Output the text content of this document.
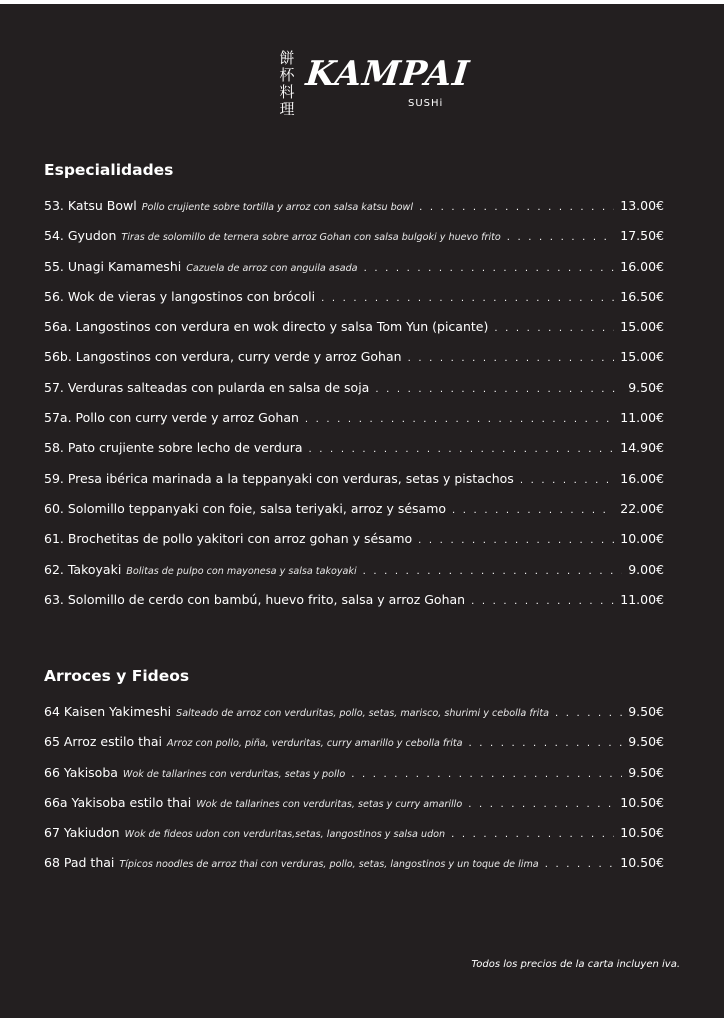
餅
杯
料
理
KAMPAI
SUSHi
Especialidades
53. Katsu Bowl Pollo crujiente sobre tortilla y arroz con salsa katsu bowl . . .	13.00€
54. Gyudon Tiras de solomillo de ternera sobre arroz Gohan con salsa bulgoki y huevo frito . . .	17.50€
55. Unagi Kamameshi Cazuela de arroz con anguila asada . . .	16.00€
56. Wok de vieras y langostinos con brócoli . . .	16.50€
56a. Langostinos con verdura en wok directo y salsa Tom Yun (picante) . . .	15.00€
56b. Langostinos con verdura, curry verde y arroz Gohan . . .	15.00€
57. Verduras salteadas con pularda en salsa de soja . . .	9.50€
57a. Pollo con curry verde y arroz Gohan . . .	11.00€
58. Pato crujiente sobre lecho de verdura . . .	14.90€
59. Presa ibérica marinada a la teppanyaki con verduras, setas y pistachos . . .	16.00€
60. Solomillo teppanyaki con foie, salsa teriyaki, arroz y sésamo . . .	22.00€
61. Brochetitas de pollo yakitori con arroz gohan y sésamo . . .	10.00€
62. Takoyaki Bolitas de pulpo con mayonesa y salsa takoyaki . . .	9.00€
63. Solomillo de cerdo con bambú, huevo frito, salsa y arroz Gohan . . .	11.00€
Arroces y Fideos
64 Kaisen Yakimeshi Salteado de arroz con verduritas, pollo, setas, marisco, shurimi y cebolla frita . . .	9.50€
65 Arroz estilo thai Arroz con pollo, piña, verduritas, curry amarillo y cebolla frita . . .	9.50€
66 Yakisoba Wok de tallarines con verduritas, setas y pollo . . .	9.50€
66a Yakisoba estilo thai Wok de tallarines con verduritas, setas y curry amarillo . . .	10.50€
67 Yakiudon Wok de fideos udon con verduritas,setas, langostinos y salsa udon . . .	10.50€
68 Pad thai Típicos noodles de arroz thai con verduras, pollo, setas, langostinos y un toque de lima . . .	10.50€
Todos los precios de la carta incluyen iva.
